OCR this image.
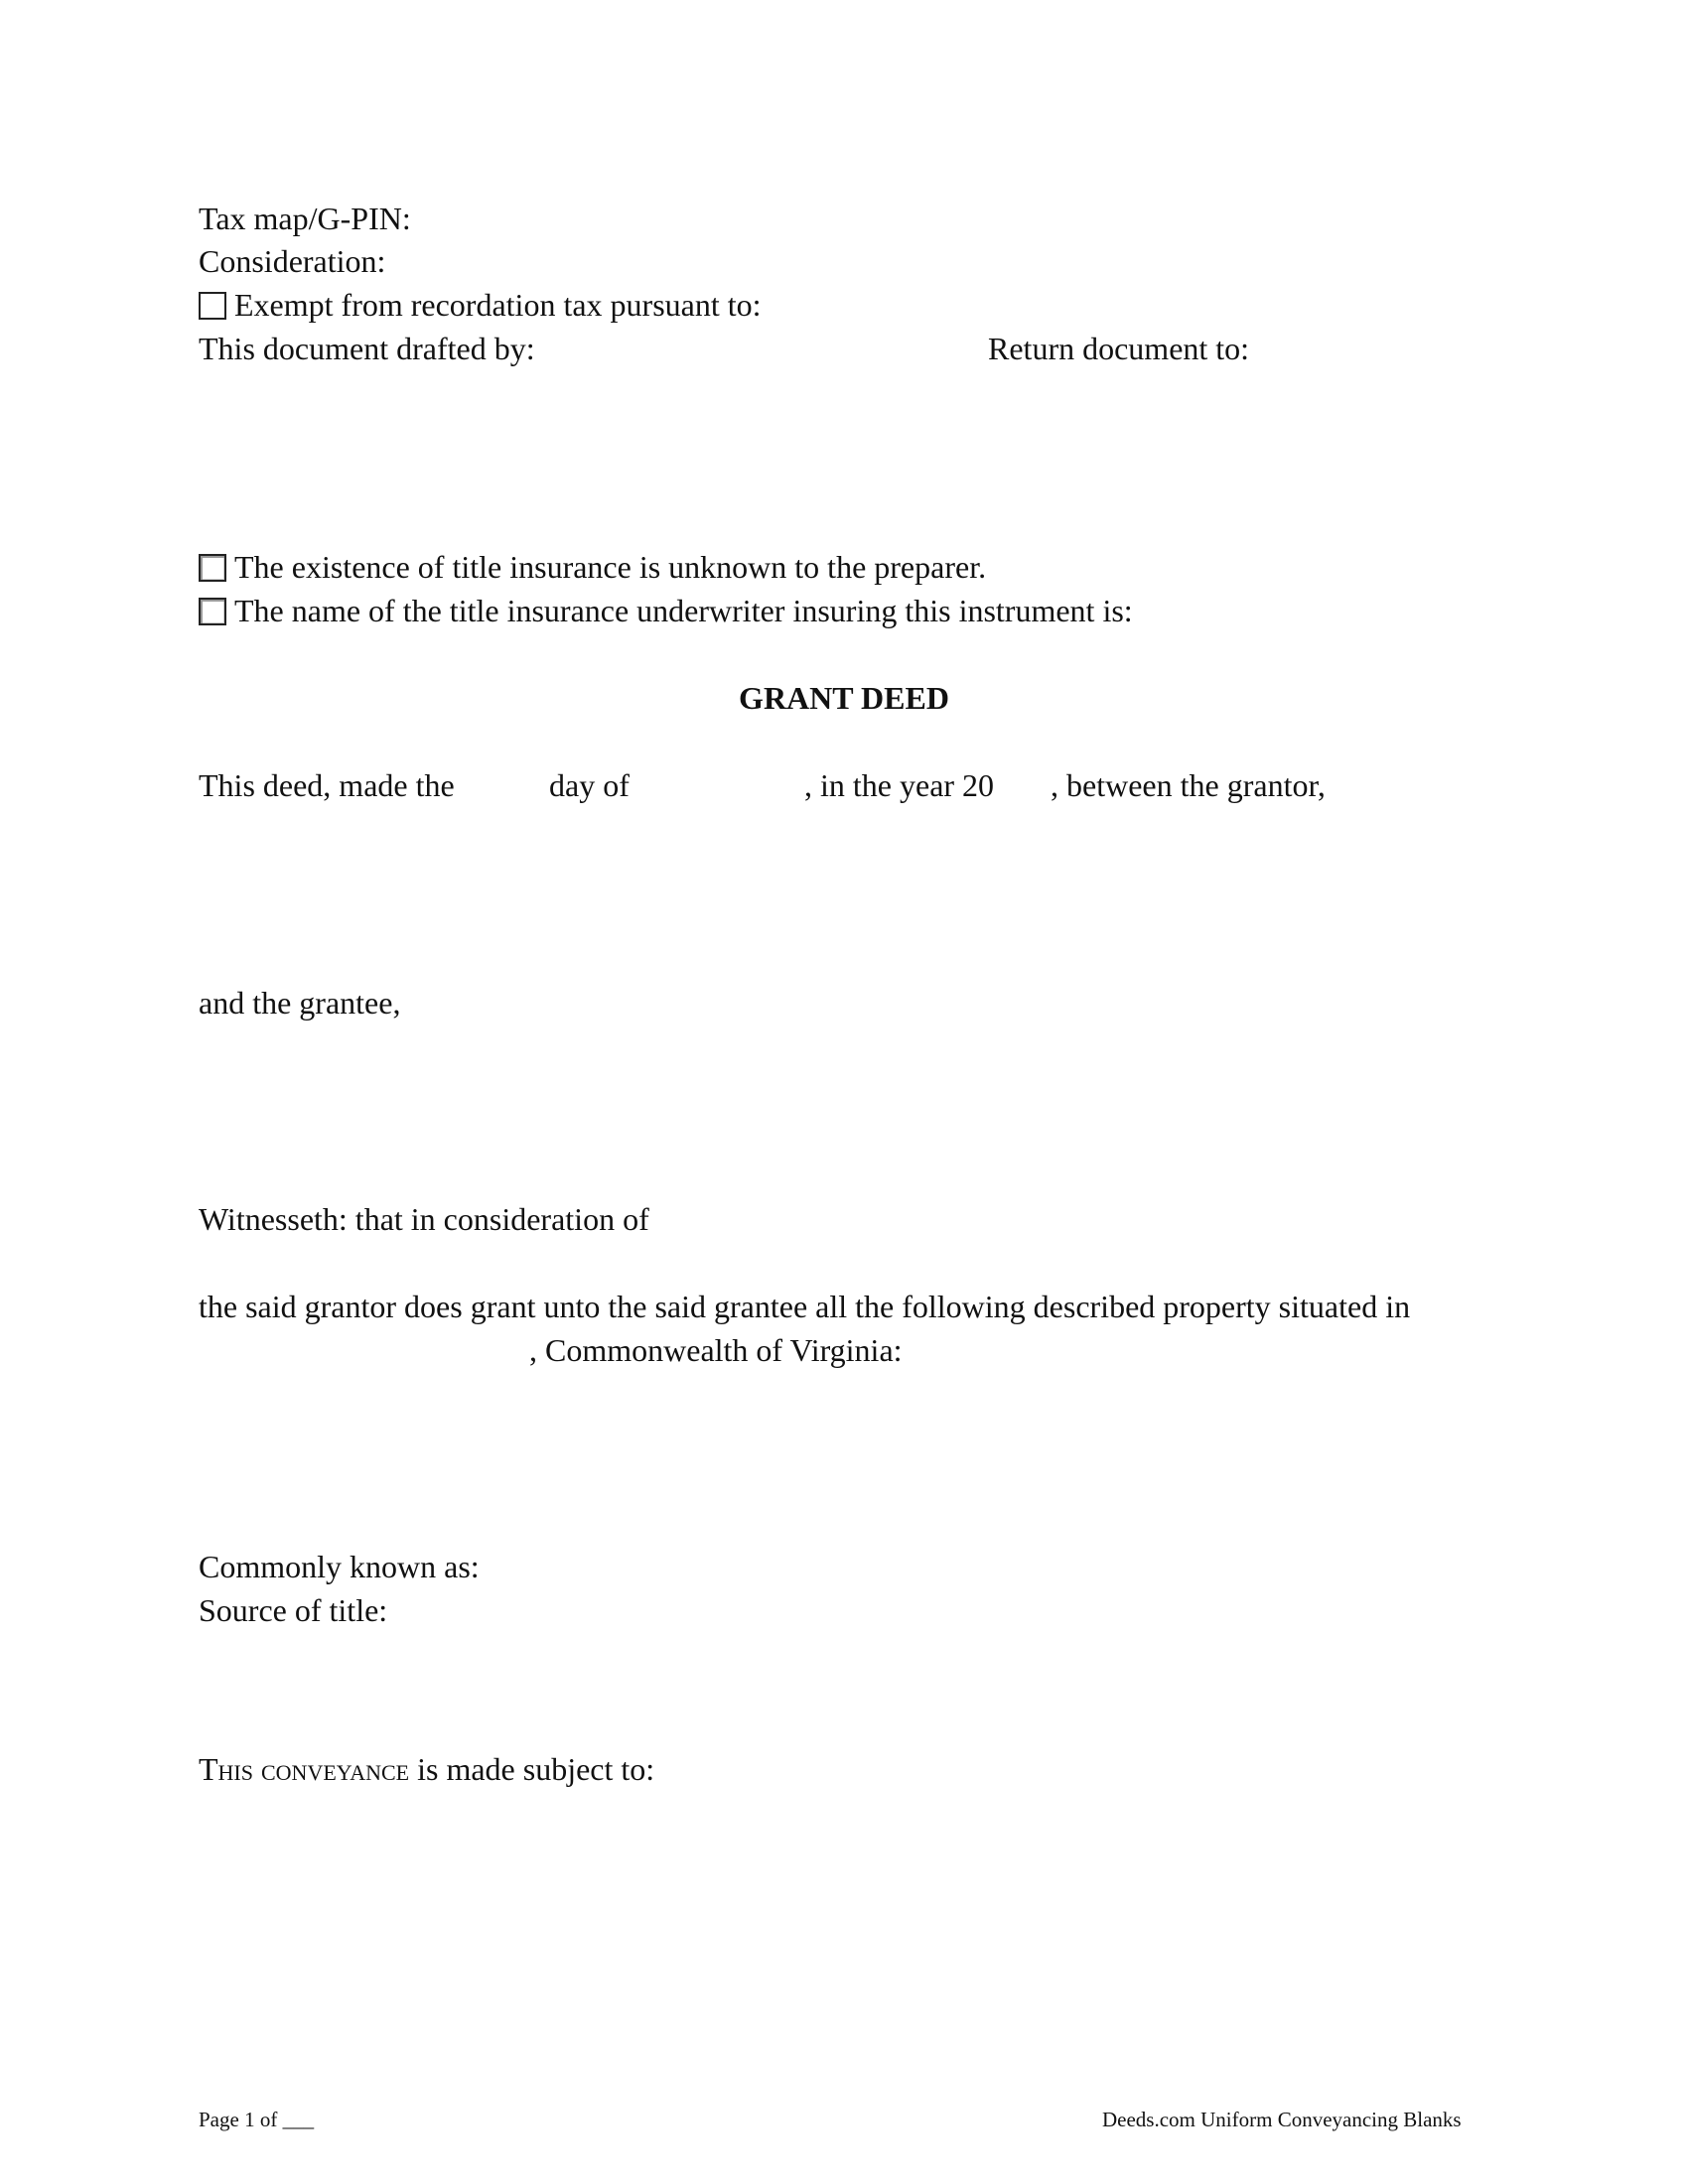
Tax map/G-PIN:
Consideration:
Exempt from recordation tax pursuant to:
This document drafted by:	Return document to:
The existence of title insurance is unknown to the preparer.
The name of the title insurance underwriter insuring this instrument is:
GRANT DEED
This deed, made the	day of	, in the year 20 , between the grantor,
and the grantee,
Witnesseth: that in consideration of
the said grantor does grant unto the said grantee all the following described property situated in
, Commonwealth of Virginia:
Commonly known as:
Source of title:
This conveyance is made subject to:
Page 1 of ___	Deeds.com Uniform Conveyancing Blanks
